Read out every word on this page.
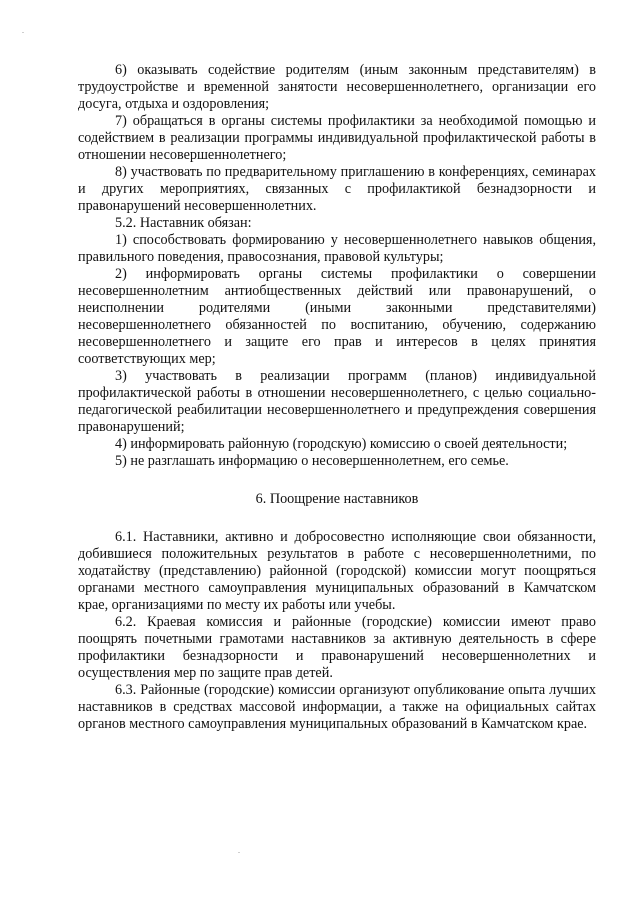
6) оказывать содействие родителям (иным законным представителям) в трудоустройстве и временной занятости несовершеннолетнего, организации его досуга, отдыха и оздоровления;

7) обращаться в органы системы профилактики за необходимой помощью и содействием в реализации программы индивидуальной профилактической работы в отношении несовершеннолетнего;

8) участвовать по предварительному приглашению в конференциях, семинарах и других мероприятиях, связанных с профилактикой безнадзорности и правонарушений несовершеннолетних.

5.2. Наставник обязан:

1) способствовать формированию у несовершеннолетнего навыков общения, правильного поведения, правосознания, правовой культуры;

2) информировать органы системы профилактики о совершении несовершеннолетним антиобщественных действий или правонарушений, о неисполнении родителями (иными законными представителями) несовершеннолетнего обязанностей по воспитанию, обучению, содержанию несовершеннолетнего и защите его прав и интересов в целях принятия соответствующих мер;

3) участвовать в реализации программ (планов) индивидуальной профилактической работы в отношении несовершеннолетнего, с целью социально-педагогической реабилитации несовершеннолетнего и предупреждения совершения правонарушений;

4) информировать районную (городскую) комиссию о своей деятельности;

5) не разглашать информацию о несовершеннолетнем, его семье.

6. Поощрение наставников

6.1. Наставники, активно и добросовестно исполняющие свои обязанности, добившиеся положительных результатов в работе с несовершеннолетними, по ходатайству (представлению) районной (городской) комиссии могут поощряться органами местного самоуправления муниципальных образований в Камчатском крае, организациями по месту их работы или учебы.

6.2. Краевая комиссия и районные (городские) комиссии имеют право поощрять почетными грамотами наставников за активную деятельность в сфере профилактики безнадзорности и правонарушений несовершеннолетних и осуществления мер по защите прав детей.

6.3. Районные (городские) комиссии организуют опубликование опыта лучших наставников в средствах массовой информации, а также на официальных сайтах органов местного самоуправления муниципальных образований в Камчатском крае.
